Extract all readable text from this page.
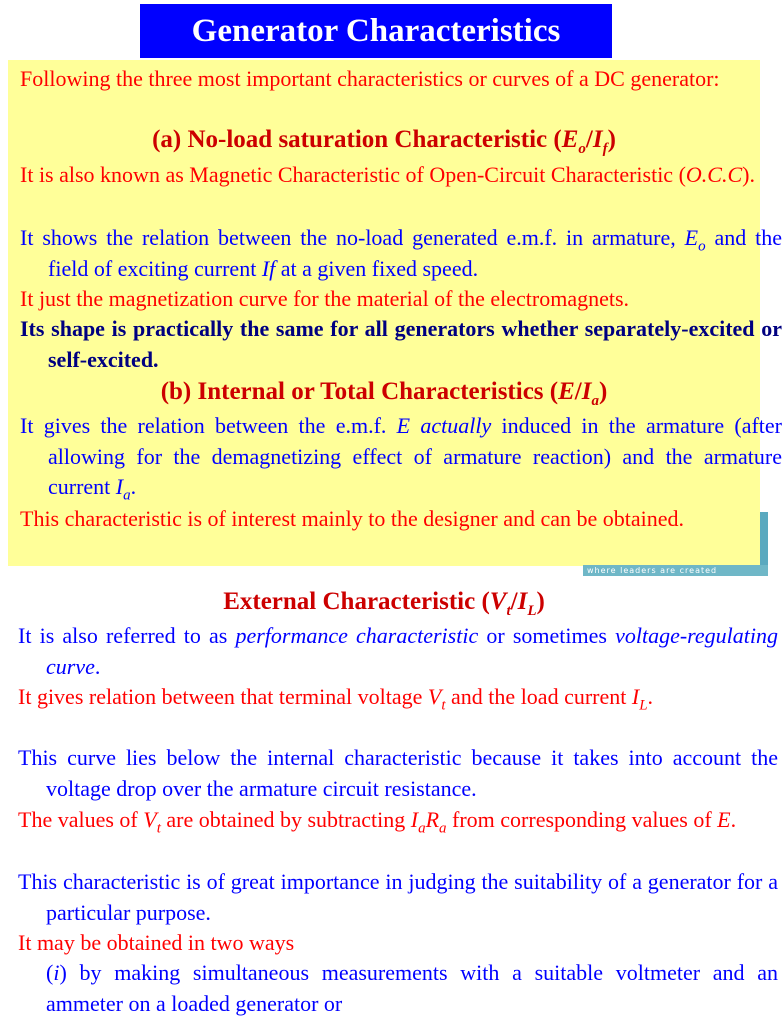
Generator Characteristics
Following the three most important characteristics or curves of a DC generator:
(a) No-load saturation Characteristic $(E_o/I_f)$
It is also known as Magnetic Characteristic of Open-Circuit Characteristic (O.C.C).
It shows the relation between the no-load generated e.m.f. in armature, $E_o$ and the field of exciting current If at a given fixed speed.
It just the magnetization curve for the material of the electromagnets.
Its shape is practically the same for all generators whether separately-excited or self-excited.
(b) Internal or Total Characteristics $(E/I_a)$
It gives the relation between the e.m.f. E actually induced in the armature (after allowing for the demagnetizing effect of armature reaction) and the armature current $I_a$.
This characteristic is of interest mainly to the designer and can be obtained.
where leaders are created
External Characteristic $(V_t/I_L)$
It is also referred to as performance characteristic or sometimes voltage-regulating curve.
It gives relation between that terminal voltage $V_t$ and the load current $I_L$.
This curve lies below the internal characteristic because it takes into account the voltage drop over the armature circuit resistance.
The values of $V_t$ are obtained by subtracting $I_aR_a$ from corresponding values of E.
This characteristic is of great importance in judging the suitability of a generator for a particular purpose.
It may be obtained in two ways
(i) by making simultaneous measurements with a suitable voltmeter and an ammeter on a loaded generator or
